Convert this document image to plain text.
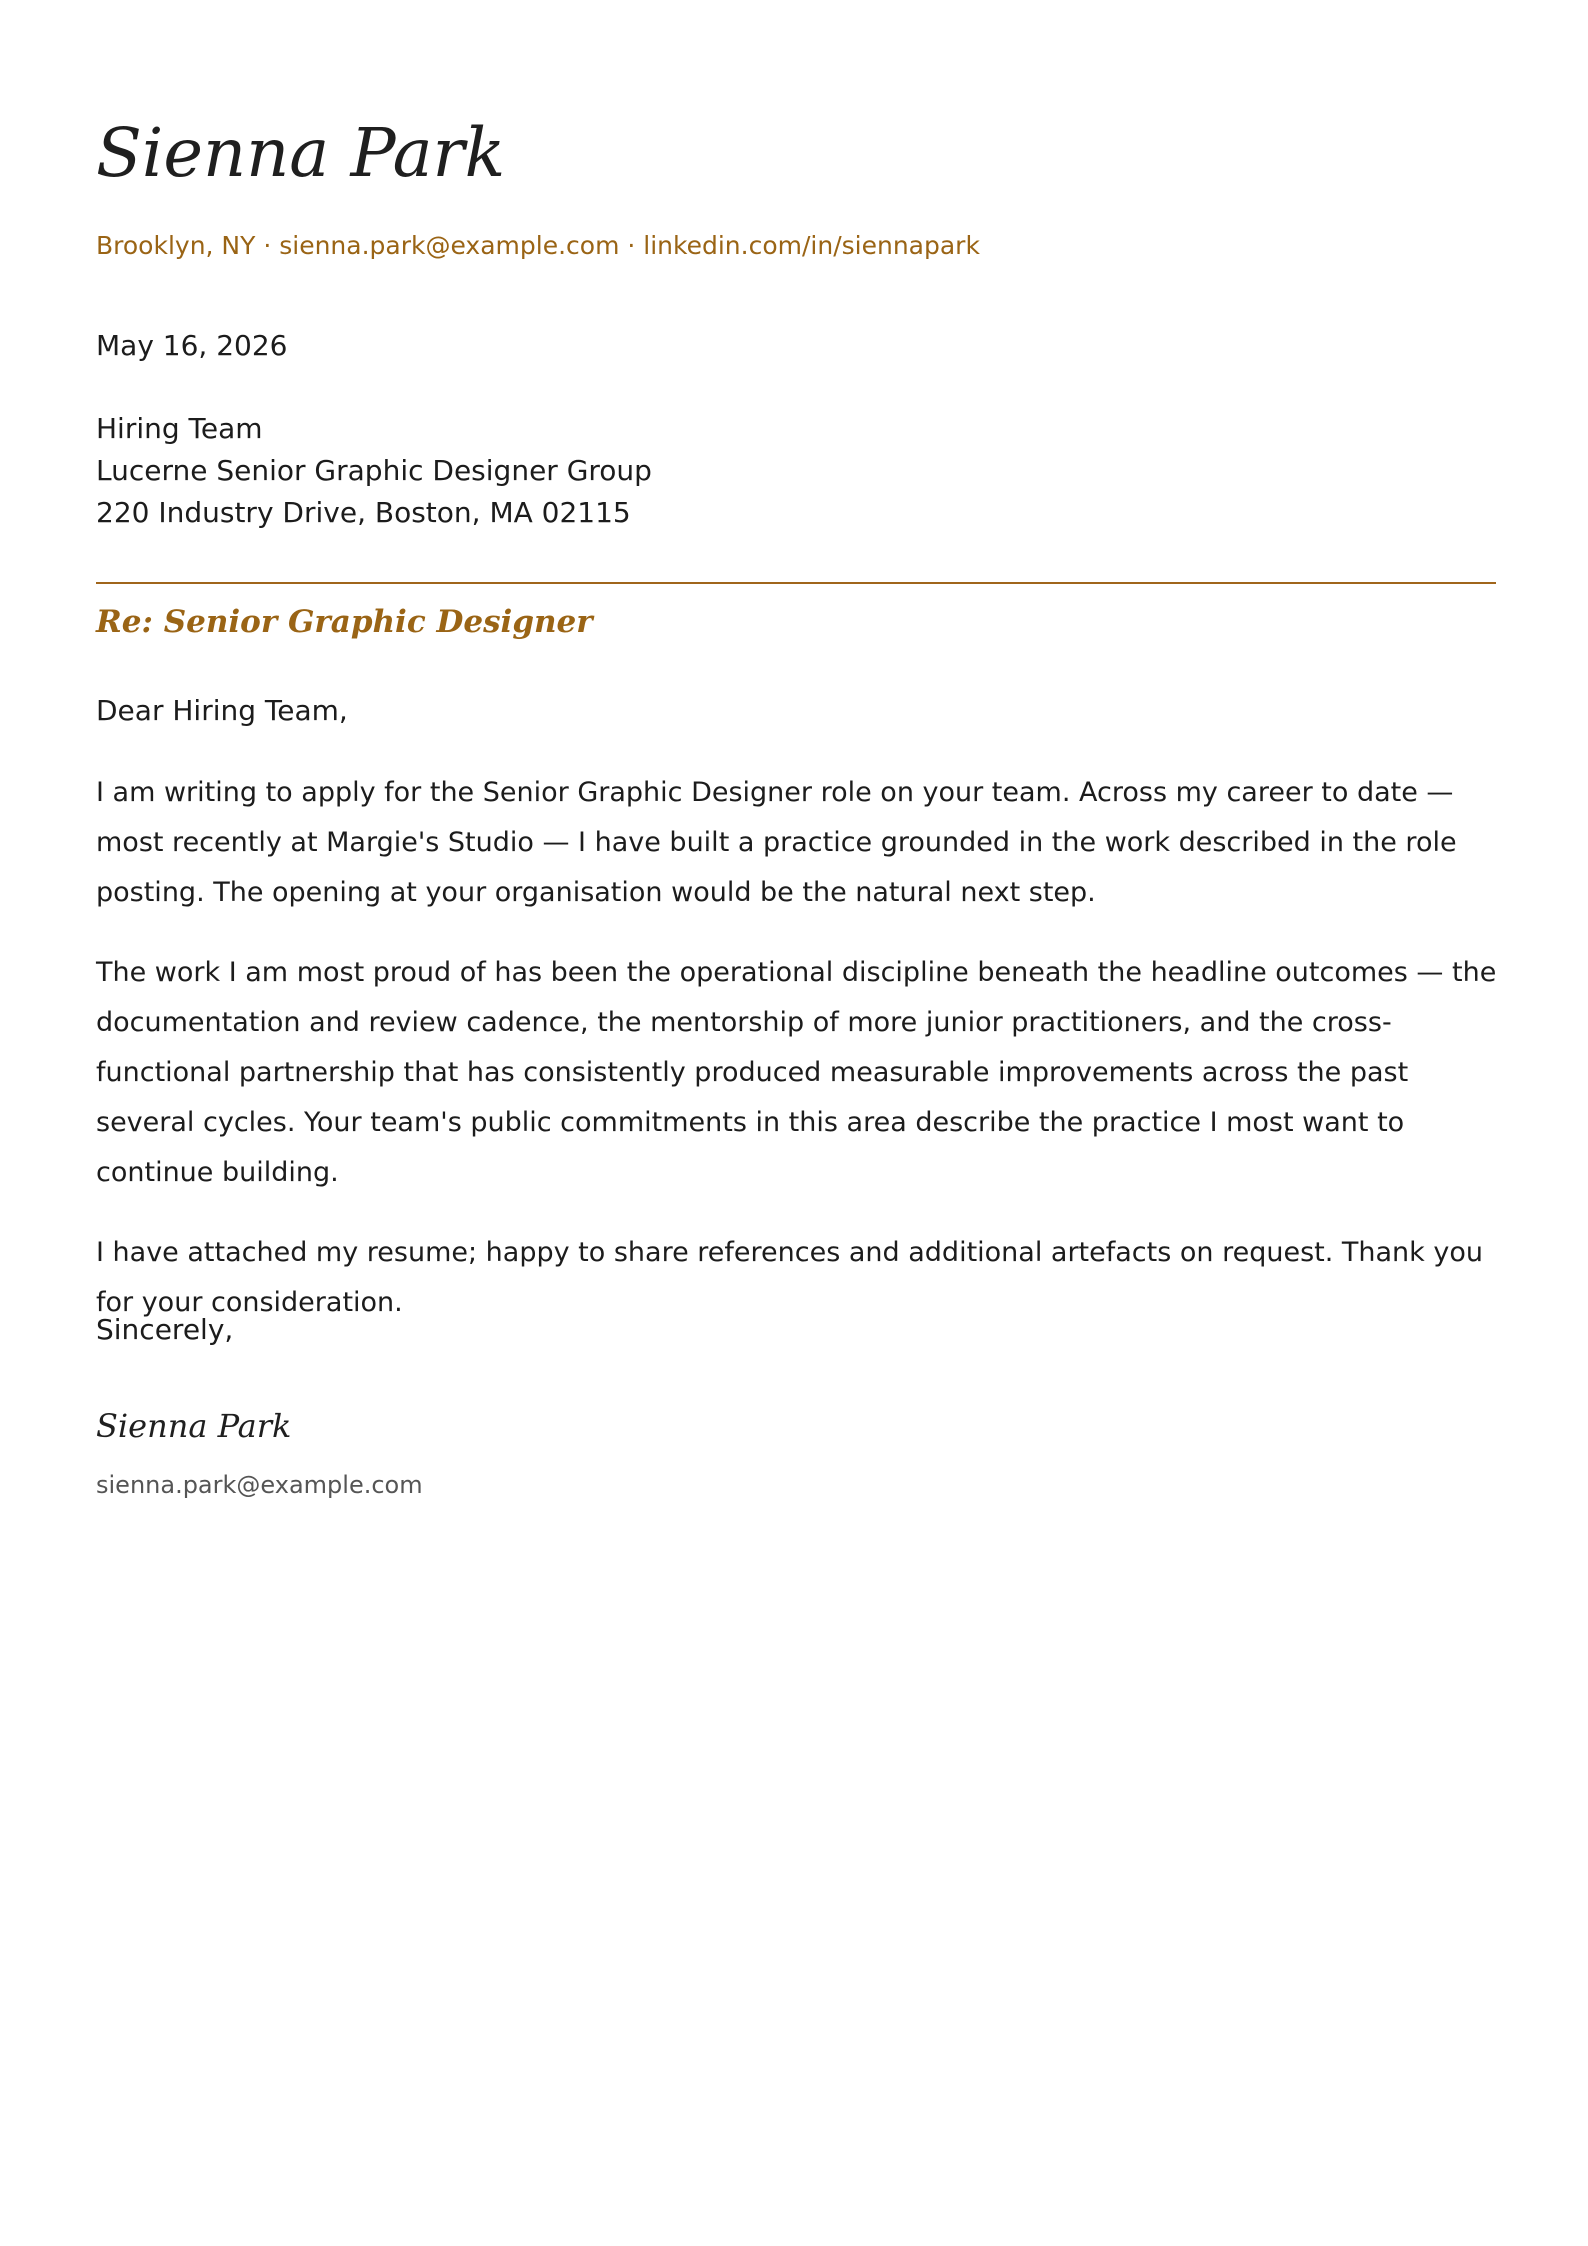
Sienna Park
Brooklyn, NY · sienna.park@example.com · linkedin.com/in/siennapark
May 16, 2026
Hiring Team
Lucerne Senior Graphic Designer Group
220 Industry Drive, Boston, MA 02115
Re: Senior Graphic Designer
Dear Hiring Team,

I am writing to apply for the Senior Graphic Designer role on your team. Across my career to date — most recently at Margie's Studio — I have built a practice grounded in the work described in the role posting. The opening at your organisation would be the natural next step.

The work I am most proud of has been the operational discipline beneath the headline outcomes — the documentation and review cadence, the mentorship of more junior practitioners, and the cross-functional partnership that has consistently produced measurable improvements across the past several cycles. Your team's public commitments in this area describe the practice I most want to continue building.

I have attached my resume; happy to share references and additional artefacts on request. Thank you for your consideration.

Sincerely,
Sienna Park
sienna.park@example.com
